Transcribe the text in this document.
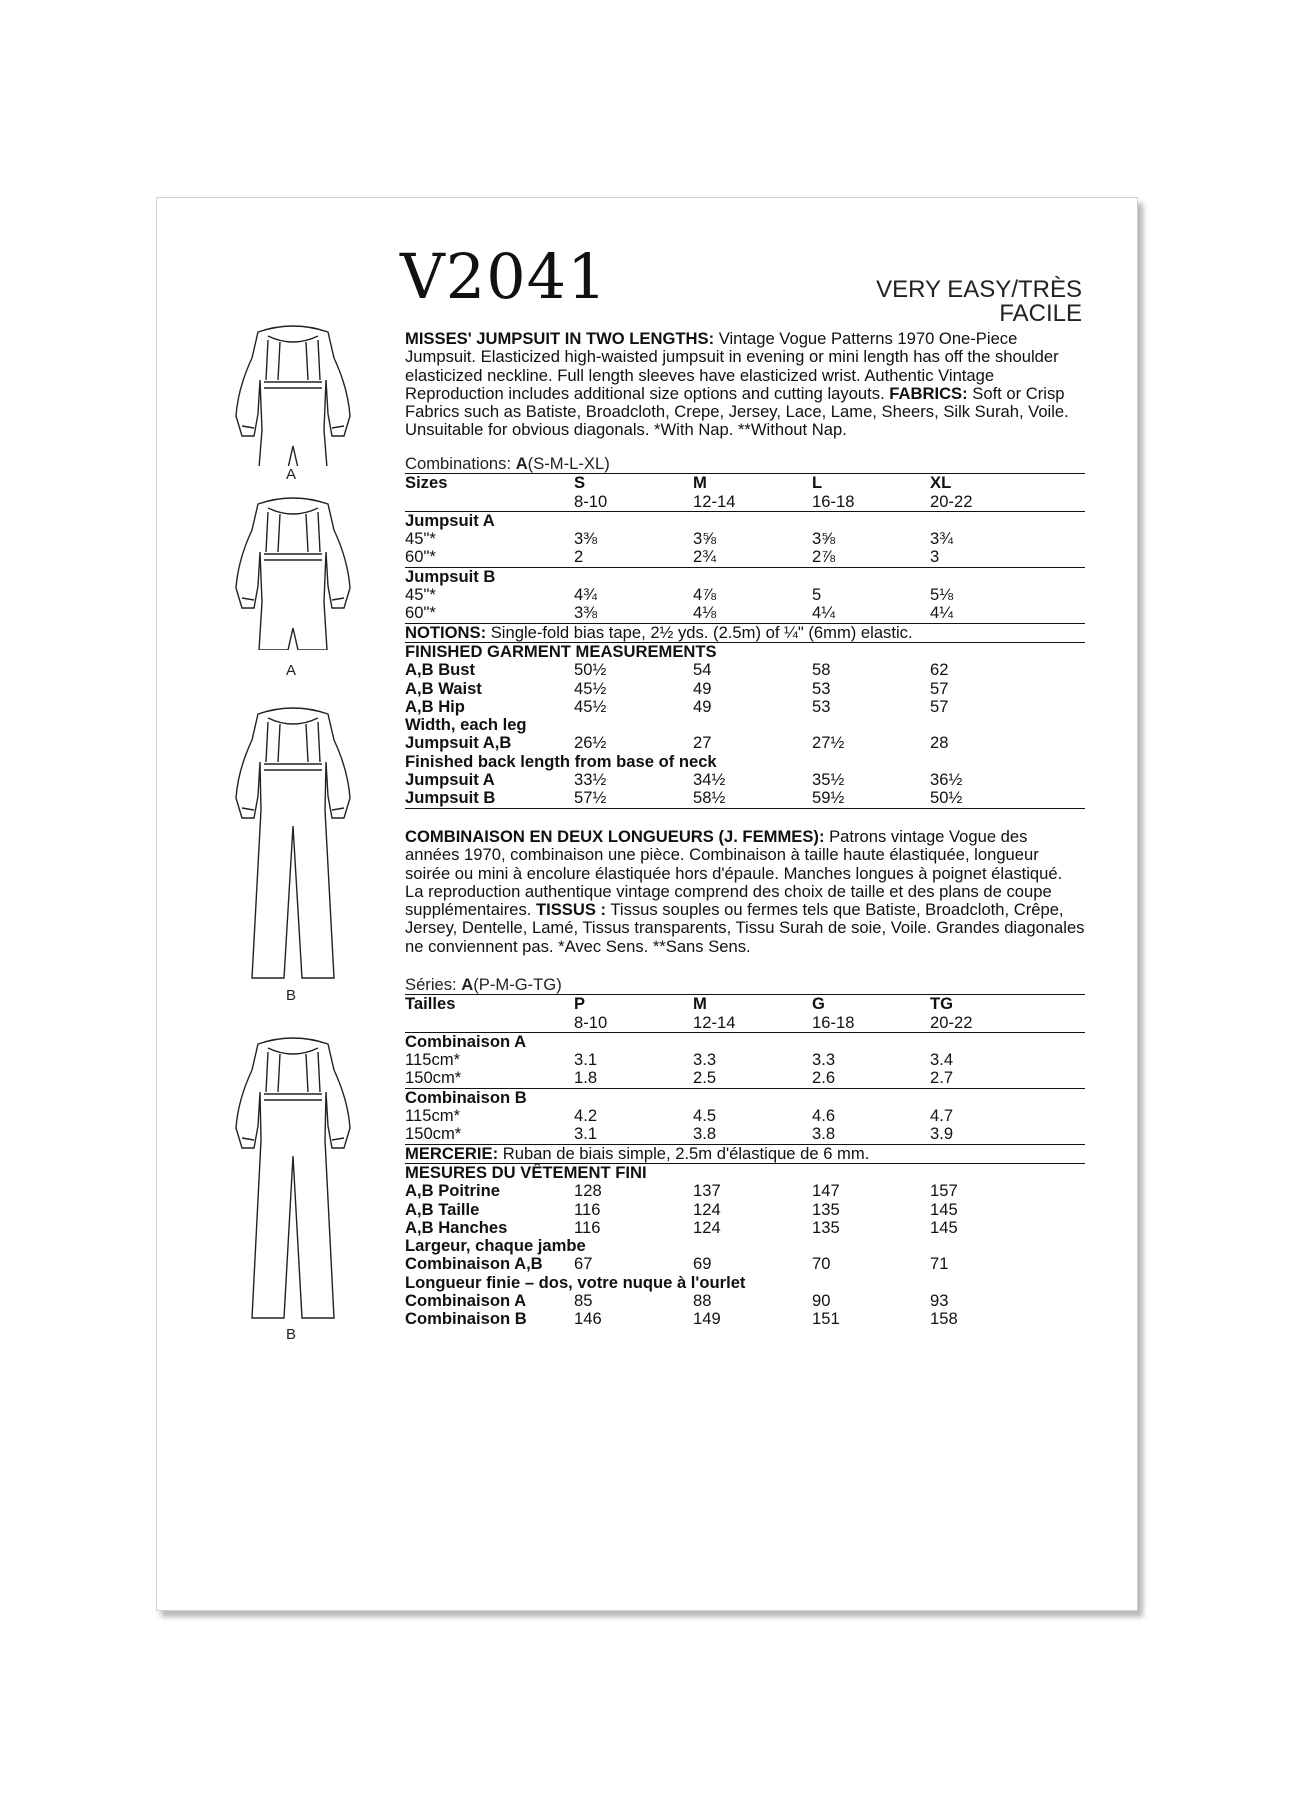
V2041	VERY EASY/TRÈS FACILE
A
A
B
B
MISSES' JUMPSUIT IN TWO LENGTHS: Vintage Vogue Patterns 1970 One-Piece Jumpsuit. Elasticized high-waisted jumpsuit in evening or mini length has off the shoulder elasticized neckline. Full length sleeves have elasticized wrist. Authentic Vintage Reproduction includes additional size options and cutting layouts. FABRICS: Soft or Crisp Fabrics such as Batiste, Broadcloth, Crepe, Jersey, Lace, Lame, Sheers, Silk Surah, Voile. Unsuitable for obvious diagonals. *With Nap. **Without Nap.
Combinations: A(S-M-L-XL)
Sizes	S	M	L	XL
8-10	12-14	16-18	20-22
Jumpsuit A
45"*	3⅜	3⅝	3⅝	3¾
60"*	2	2¾	2⅞	3
Jumpsuit B
45"*	4¾	4⅞	5	5⅛
60"*	3⅜	4⅛	4¼	4¼
NOTIONS: Single-fold bias tape, 2½ yds. (2.5m) of ¼" (6mm) elastic.
FINISHED GARMENT MEASUREMENTS
A,B Bust	50½	54	58	62
A,B Waist	45½	49	53	57
A,B Hip	45½	49	53	57
Width, each leg
Jumpsuit A,B	26½	27	27½	28
Finished back length from base of neck
Jumpsuit A	33½	34½	35½	36½
Jumpsuit B	57½	58½	59½	50½
COMBINAISON EN DEUX LONGUEURS (J. FEMMES): Patrons vintage Vogue des années 1970, combinaison une pièce. Combinaison à taille haute élastiquée, longueur soirée ou mini à encolure élastiquée hors d'épaule. Manches longues à poignet élastiqué. La reproduction authentique vintage comprend des choix de taille et des plans de coupe supplémentaires. TISSUS : Tissus souples ou fermes tels que Batiste, Broadcloth, Crêpe, Jersey, Dentelle, Lamé, Tissus transparents, Tissu Surah de soie, Voile. Grandes diagonales ne conviennent pas. *Avec Sens. **Sans Sens.
Séries: A(P-M-G-TG)
Tailles	P	M	G	TG
8-10	12-14	16-18	20-22
Combinaison A
115cm*	3.1	3.3	3.3	3.4
150cm*	1.8	2.5	2.6	2.7
Combinaison B
115cm*	4.2	4.5	4.6	4.7
150cm*	3.1	3.8	3.8	3.9
MERCERIE: Ruban de biais simple, 2.5m d'élastique de 6 mm.
MESURES DU VÊTEMENT FINI
A,B Poitrine	128	137	147	157
A,B Taille	116	124	135	145
A,B Hanches	116	124	135	145
Largeur, chaque jambe
Combinaison A,B 67	69	70	71
Longueur finie – dos, votre nuque à l'ourlet
Combinaison A	85	88	90	93
Combinaison B	146	149	151	158
